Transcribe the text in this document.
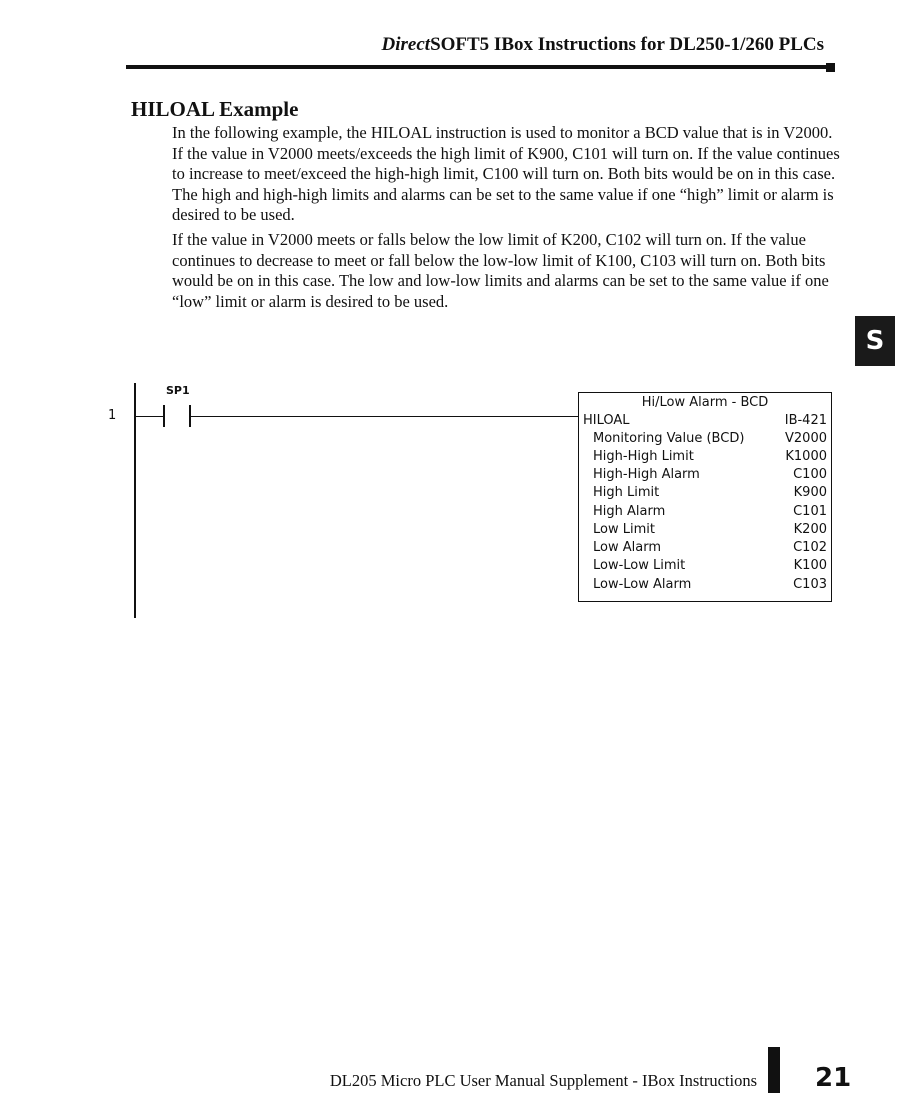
DirectSOFT5 IBox Instructions for DL250-1/260 PLCs
HILOAL Example

In the following example, the HILOAL instruction is used to monitor a BCD value that is in V2000. If the value in V2000 meets/exceeds the high limit of K900, C101 will turn on. If the value continues to increase to meet/exceed the high-high limit, C100 will turn on. Both bits would be on in this case. The high and high-high limits and alarms can be set to the same value if one “high” limit or alarm is desired to be used.

If the value in V2000 meets or falls below the low limit of K200, C102 will turn on. If the value continues to decrease to meet or fall below the low-low limit of K100, C103 will turn on. Both bits would be on in this case. The low and low-low limits and alarms can be set to the same value if one “low” limit or alarm is desired to be used.

S
1
SP1
Hi/Low Alarm - BCD
HILOAL	IB-421
Monitoring Value (BCD)	V2000
High-High Limit	K1000
High-High Alarm	C100
High Limit	K900
High Alarm	C101
Low Limit	K200
Low Alarm	C102
Low-Low Limit	K100
Low-Low Alarm	C103
DL205 Micro PLC User Manual Supplement - IBox Instructions 21
